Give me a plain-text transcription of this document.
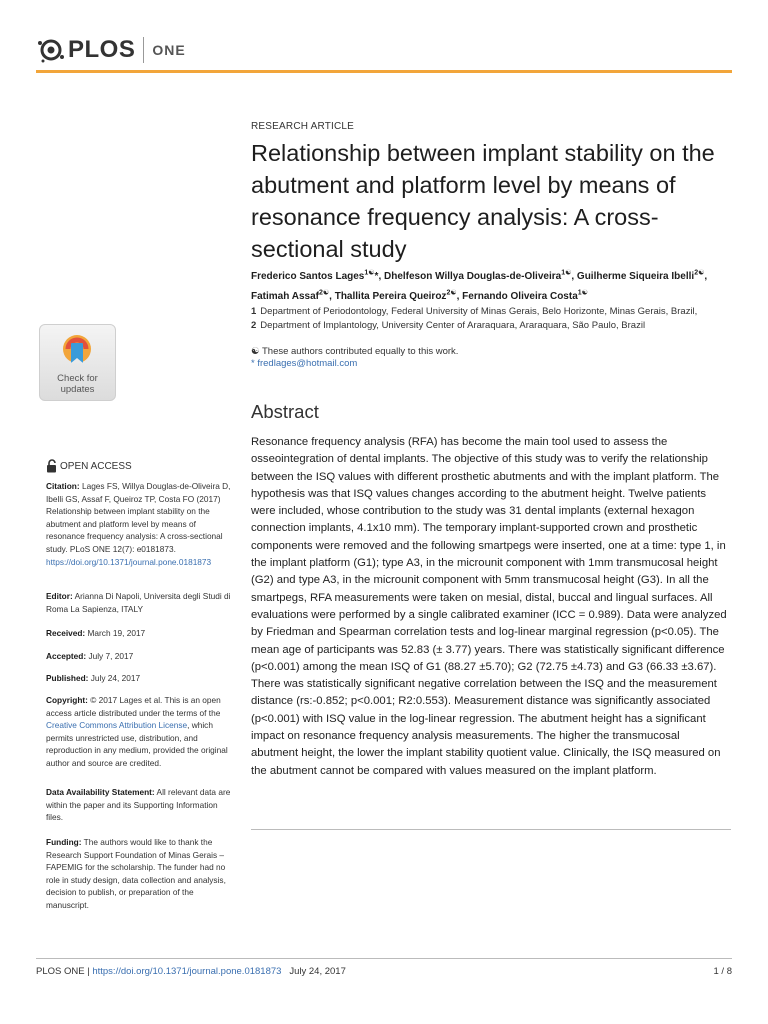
PLOS ONE
RESEARCH ARTICLE
Relationship between implant stability on the abutment and platform level by means of resonance frequency analysis: A cross-sectional study
Frederico Santos Lages$^{1☯}$*, Dhelfeson Willya Douglas-de-Oliveira$^{1☯}$, Guilherme Siqueira Ibelli$^{2☯}$, Fatimah Assaf$^{2☯}$, Thallita Pereira Queiroz$^{2☯}$, Fernando Oliveira Costa$^{1☯}$
1 Department of Periodontology, Federal University of Minas Gerais, Belo Horizonte, Minas Gerais, Brazil,
2 Department of Implantology, University Center of Araraquara, Araraquara, São Paulo, Brazil
☯ These authors contributed equally to this work.
* fredlages@hotmail.com
Abstract

Resonance frequency analysis (RFA) has become the main tool used to assess the osseointegration of dental implants. The objective of this study was to verify the relationship between the ISQ values with different prosthetic abutments and with the implant platform. The hypothesis was that ISQ values changes according to the abutment height. Twelve patients were included, whose contribution to the study was 31 dental implants (external hexagon connection implants, 4.1x10 mm). The temporary implant-supported crown and prosthetic components were removed and the following smartpegs were inserted, one at a time: type 1, in the implant platform (G1); type A3, in the microunit component with 1mm transmucosal height (G2) and type A3, in the microunit component with 5mm transmucosal height (G3). In all the smartpegs, RFA measurements were taken on mesial, distal, buccal and lingual surfaces. All evaluations were performed by a single calibrated examiner (ICC = 0.989). Data were analyzed by Friedman and Spearman correlation tests and log-linear marginal regression (p<0.05). The mean age of participants was 52.83 (± 3.77) years. There was statistically significant difference (p<0.001) among the mean ISQ of G1 (88.27 ±5.70); G2 (72.75 ±4.73) and G3 (66.33 ±3.67). There was statistically significant negative correlation between the ISQ and the measurement distance (rs:-0.852; p<0.001; R2:0.553). Measurement distance was significantly associated (p<0.001) with ISQ value in the log-linear regression. The abutment height has a significant impact on resonance frequency analysis measurements. The higher the transmucosal abutment height, the lower the implant stability quotient value. Clinically, the ISQ measured on the abutment cannot be compared with values measured on the implant platform.

Check for updates
OPEN ACCESS
Citation: Lages FS, Willya Douglas-de-Oliveira D, Ibelli GS, Assaf F, Queiroz TP, Costa FO (2017) Relationship between implant stability on the abutment and platform level by means of resonance frequency analysis: A cross-sectional study. PLoS ONE 12(7): e0181873. https://doi.org/10.1371/journal.pone.0181873
Editor: Arianna Di Napoli, Universita degli Studi di Roma La Sapienza, ITALY
Received: March 19, 2017
Accepted: July 7, 2017
Published: July 24, 2017
Copyright: © 2017 Lages et al. This is an open access article distributed under the terms of the Creative Commons Attribution License, which permits unrestricted use, distribution, and reproduction in any medium, provided the original author and source are credited.
Data Availability Statement: All relevant data are within the paper and its Supporting Information files.
Funding: The authors would like to thank the Research Support Foundation of Minas Gerais – FAPEMIG for the scholarship. The funder had no role in study design, data collection and analysis, decision to publish, or preparation of the manuscript.
PLOS ONE | https://doi.org/10.1371/journal.pone.0181873 July 24, 2017	1 / 8
